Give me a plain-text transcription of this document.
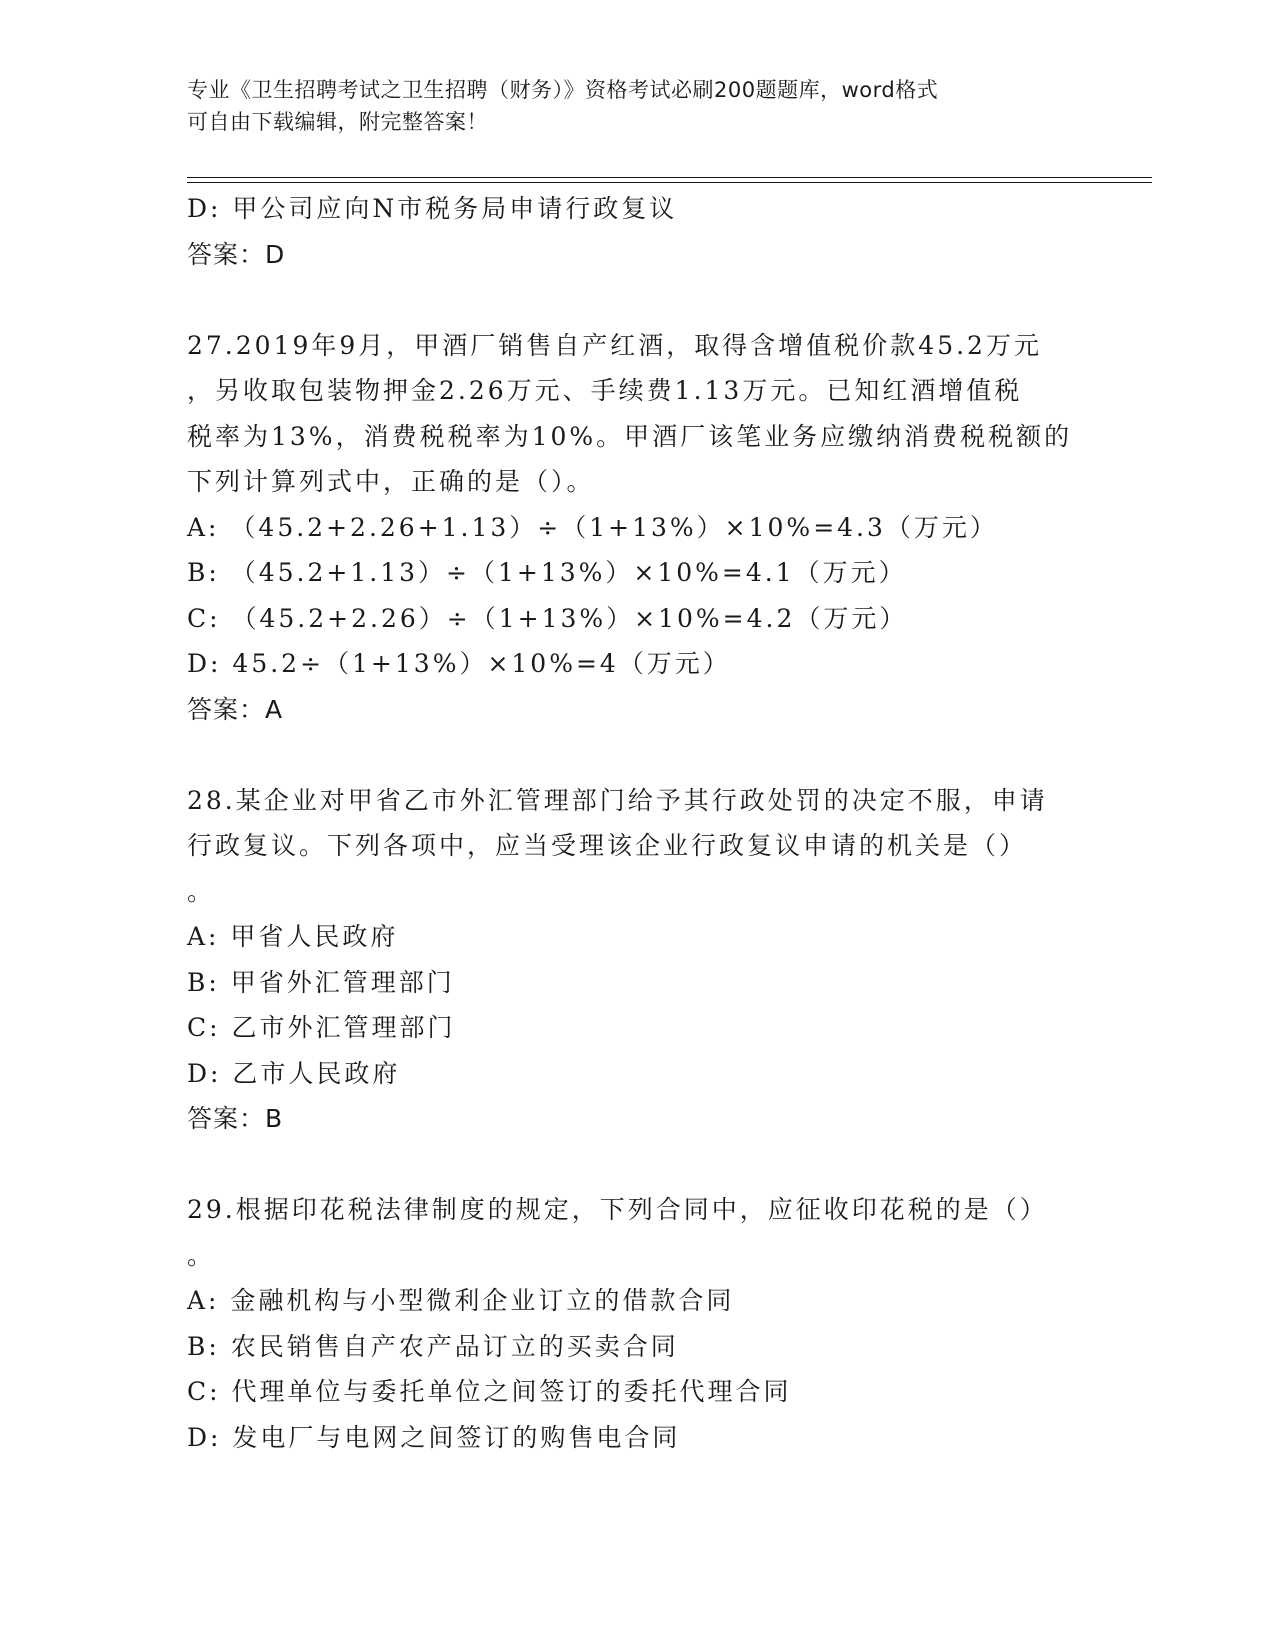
专业《卫生招聘考试之卫生招聘（财务）》资格考试必刷200题题库，word格式
可自由下载编辑，附完整答案！
D: 甲公司应向N市税务局申请行政复议
答案：D
27.2019年9月，甲酒厂销售自产红酒，取得含增值税价款45.2万元
，另收取包装物押金2.26万元、手续费1.13万元。已知红酒增值税
税率为13%，消费税税率为10%。甲酒厂该笔业务应缴纳消费税税额的
下列计算列式中，正确的是（）。
A: （45.2+2.26+1.13）÷（1+13%）×10%=4.3（万元）
B: （45.2+1.13）÷（1+13%）×10%=4.1（万元）
C: （45.2+2.26）÷（1+13%）×10%=4.2（万元）
D: 45.2÷（1+13%）×10%=4（万元）
答案：A
28.某企业对甲省乙市外汇管理部门给予其行政处罚的决定不服，申请
行政复议。下列各项中，应当受理该企业行政复议申请的机关是（）
。
A: 甲省人民政府
B: 甲省外汇管理部门
C: 乙市外汇管理部门
D: 乙市人民政府
答案：B
29.根据印花税法律制度的规定，下列合同中，应征收印花税的是（）
。
A: 金融机构与小型微利企业订立的借款合同
B: 农民销售自产农产品订立的买卖合同
C: 代理单位与委托单位之间签订的委托代理合同
D: 发电厂与电网之间签订的购售电合同
